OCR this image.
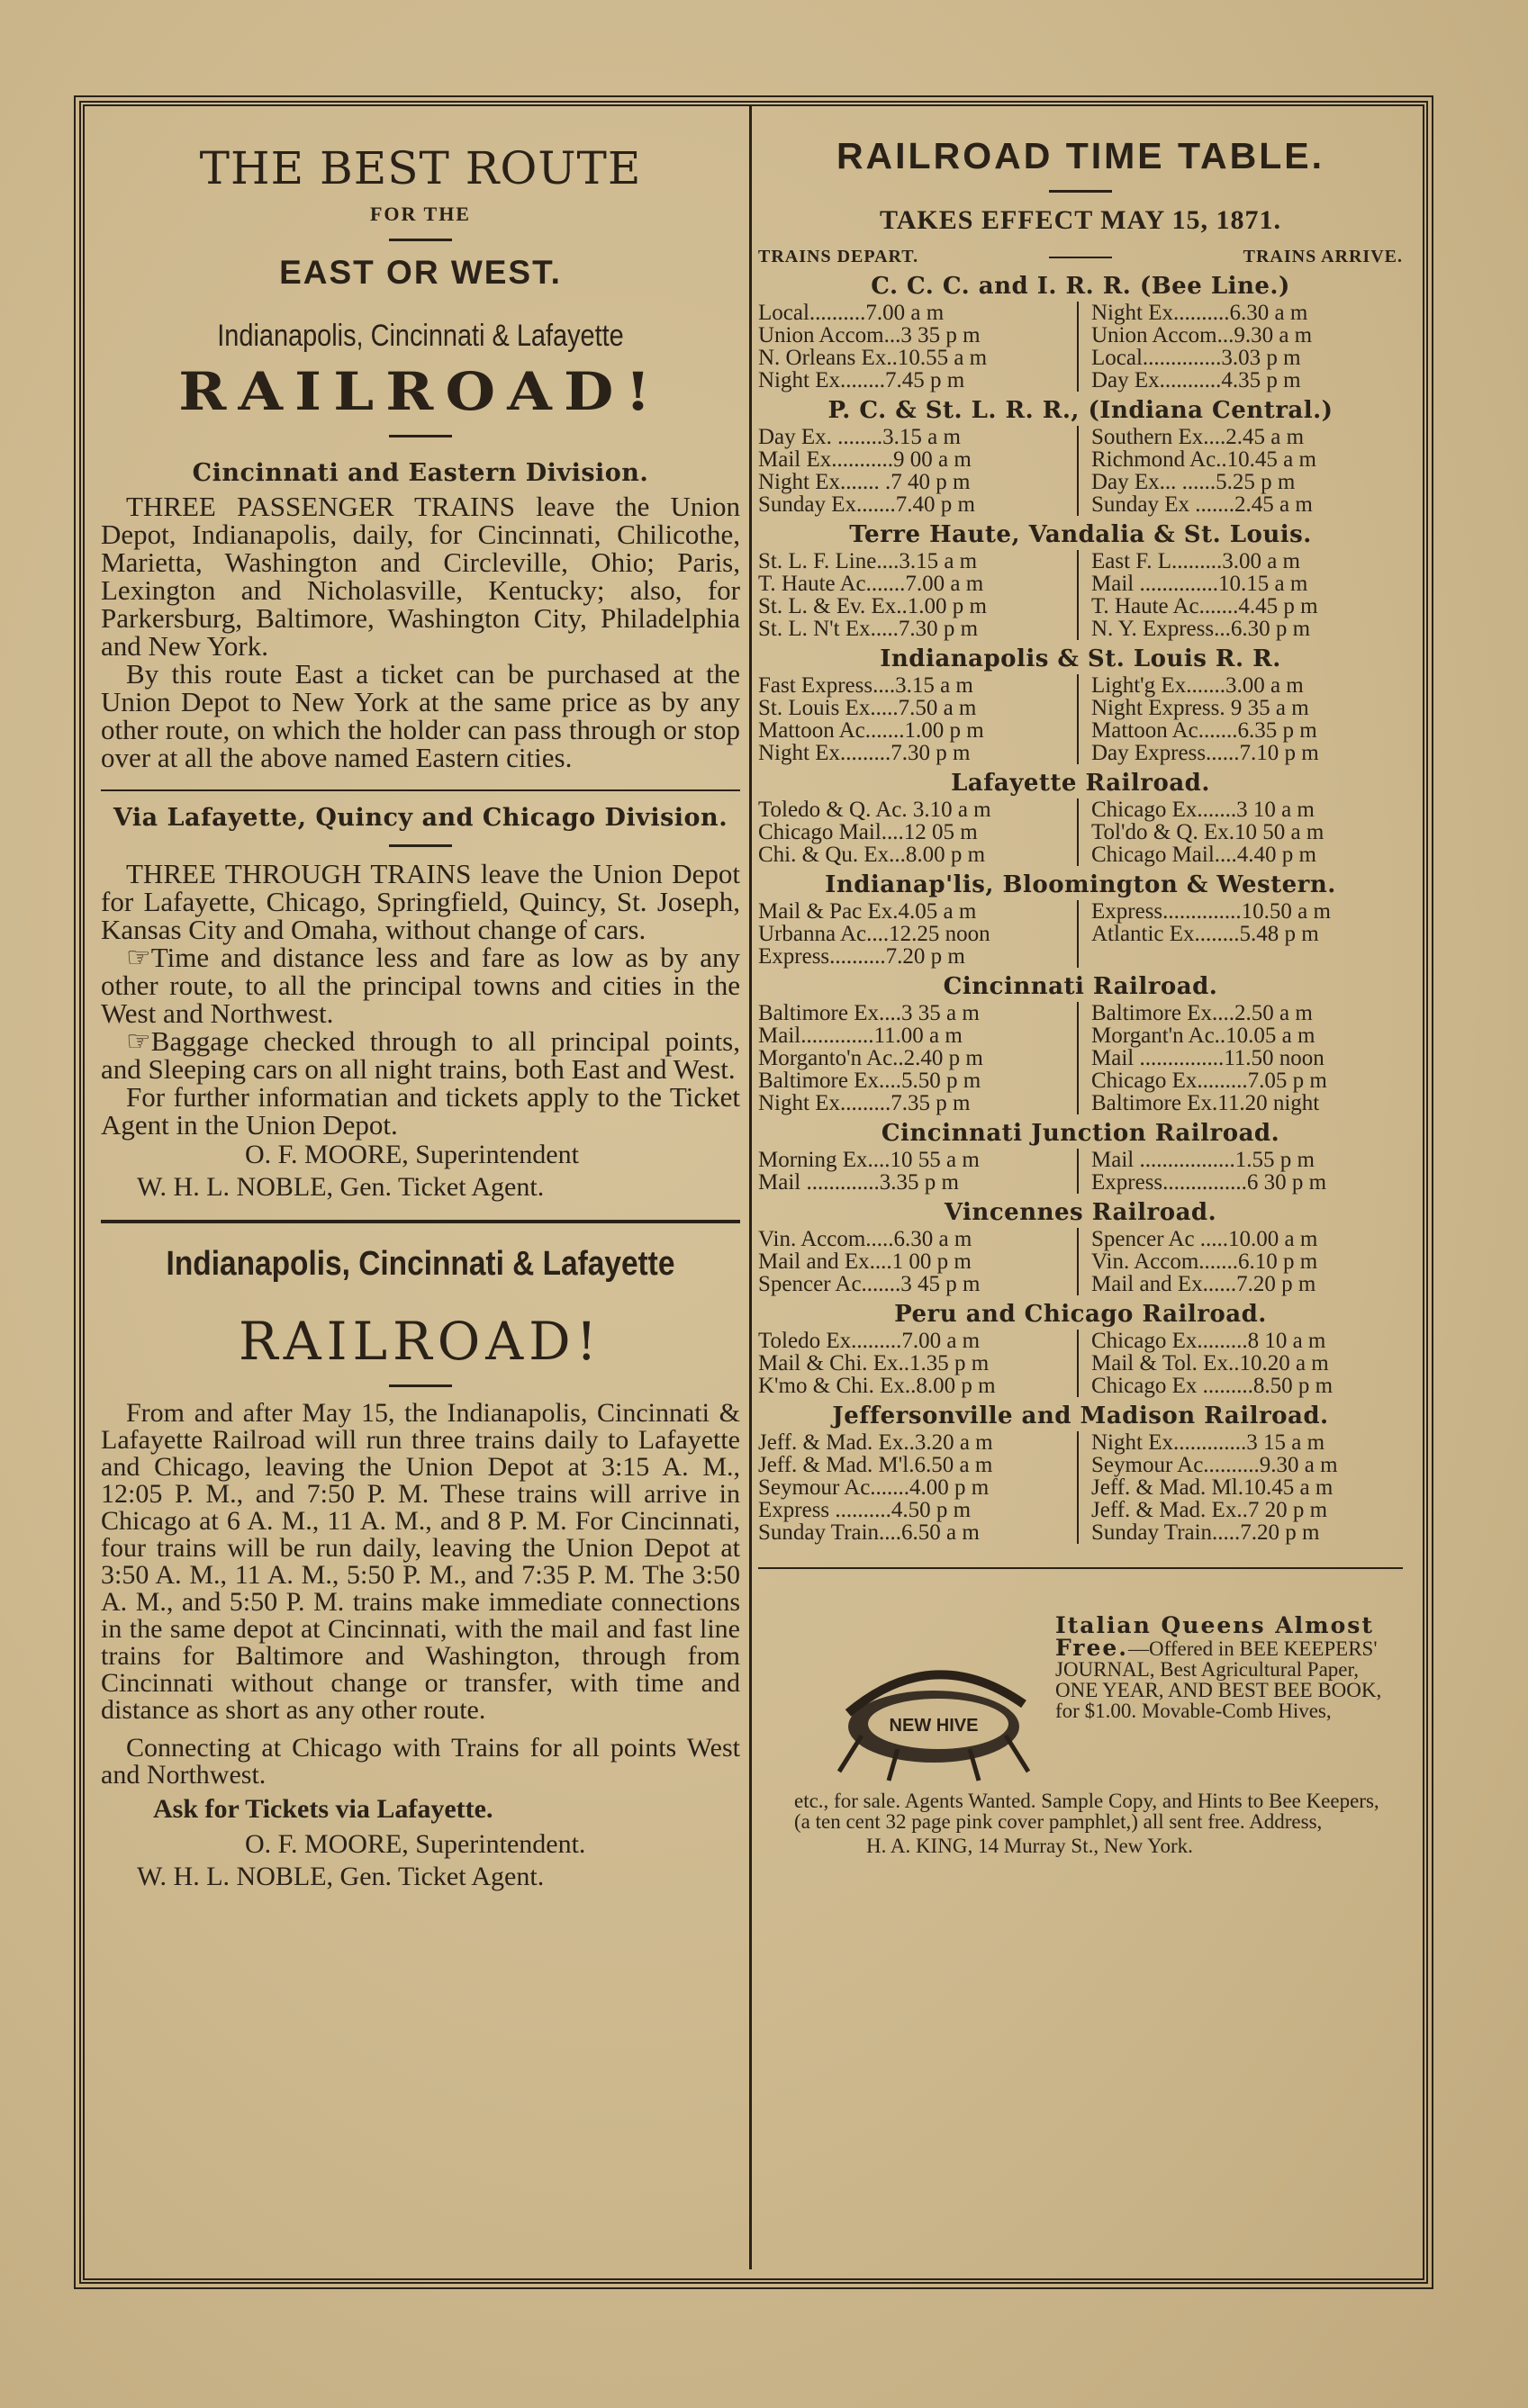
THE BEST ROUTE
FOR THE
EAST OR WEST.
Indianapolis, Cincinnati & Lafayette
RAILROAD!
Cincinnati and Eastern Division.

THREE PASSENGER TRAINS leave the Union Depot, Indianapolis, daily, for Cincinnati, Chilicothe, Marietta, Washington and Circleville, Ohio; Paris, Lexington and Nicholasville, Kentucky; also, for Parkersburg, Baltimore, Washington City, Philadelphia and New York.

By this route East a ticket can be purchased at the Union Depot to New York at the same price as by any other route, on which the holder can pass through or stop over at all the above named Eastern cities.

Via Lafayette, Quincy and Chicago Division.

THREE THROUGH TRAINS leave the Union Depot for Lafayette, Chicago, Springfield, Quincy, St. Joseph, Kansas City and Omaha, without change of cars.

☞Time and distance less and fare as low as by any other route, to all the principal towns and cities in the West and Northwest.

☞Baggage checked through to all principal points, and Sleeping cars on all night trains, both East and West.

For further informatian and tickets apply to the Ticket Agent in the Union Depot.

O. F. MOORE, Superintendent
W. H. L. NOBLE, Gen. Ticket Agent.
Indianapolis, Cincinnati & Lafayette
RAILROAD!

From and after May 15, the Indianapolis, Cincinnati & Lafayette Railroad will run three trains daily to Lafayette and Chicago, leaving the Union Depot at 3:15 A. M., 12:05 P. M., and 7:50 P. M. These trains will arrive in Chicago at 6 A. M., 11 A. M., and 8 P. M. For Cincinnati, four trains will be run daily, leaving the Union Depot at 3:50 A. M., 11 A. M., 5:50 P. M., and 7:35 P. M. The 3:50 A. M., and 5:50 P. M. trains make immediate connections in the same depot at Cincinnati, with the mail and fast line trains for Baltimore and Washington, through from Cincinnati without change or transfer, with time and distance as short as any other route.

Connecting at Chicago with Trains for all points West and Northwest.

Ask for Tickets via Lafayette.

O. F. MOORE, Superintendent.
W. H. L. NOBLE, Gen. Ticket Agent.
RAILROAD TIME TABLE.
TAKES EFFECT MAY 15, 1871.
TRAINS DEPART.	TRAINS ARRIVE.
C. C. C. and I. R. R. (Bee Line.)
Local..........7.00 a m
Union Accom...3 35 p m
N. Orleans Ex..10.55 a m
Night Ex........7.45 p m
Night Ex..........6.30 a m
Union Accom...9.30 a m
Local..............3.03 p m
Day Ex...........4.35 p m
P. C. & St. L. R. R., (Indiana Central.)
Day Ex. ........3.15 a m
Mail Ex...........9 00 a m
Night Ex....... .7 40 p m
Sunday Ex.......7.40 p m
Southern Ex....2.45 a m
Richmond Ac..10.45 a m
Day Ex... ......5.25 p m
Sunday Ex .......2.45 a m
Terre Haute, Vandalia & St. Louis.
St. L. F. Line....3.15 a m
T. Haute Ac.......7.00 a m
St. L. & Ev. Ex..1.00 p m
St. L. N't Ex.....7.30 p m
East F. L.........3.00 a m
Mail ..............10.15 a m
T. Haute Ac.......4.45 p m
N. Y. Express...6.30 p m
Indianapolis & St. Louis R. R.
Fast Express....3.15 a m
St. Louis Ex.....7.50 a m
Mattoon Ac.......1.00 p m
Night Ex.........7.30 p m
Light'g Ex.......3.00 a m
Night Express. 9 35 a m
Mattoon Ac.......6.35 p m
Day Express......7.10 p m
Lafayette Railroad.
Toledo & Q. Ac. 3.10 a m
Chicago Mail....12 05 m
Chi. & Qu. Ex...8.00 p m
Chicago Ex.......3 10 a m
Tol'do & Q. Ex.10 50 a m
Chicago Mail....4.40 p m
Indianap'lis, Bloomington & Western.
Mail & Pac Ex.4.05 a m
Urbanna Ac....12.25 noon
Express..........7.20 p m
Express..............10.50 a m
Atlantic Ex........5.48 p m
Cincinnati Railroad.
Baltimore Ex....3 35 a m
Mail.............11.00 a m
Morganto'n Ac..2.40 p m
Baltimore Ex....5.50 p m
Night Ex.........7.35 p m
Baltimore Ex....2.50 a m
Morgant'n Ac..10.05 a m
Mail ...............11.50 noon
Chicago Ex.........7.05 p m
Baltimore Ex.11.20 night
Cincinnati Junction Railroad.
Morning Ex....10 55 a m
Mail .............3.35 p m
Mail .................1.55 p m
Express...............6 30 p m
Vincennes Railroad.
Vin. Accom.....6.30 a m
Mail and Ex....1 00 p m
Spencer Ac.......3 45 p m
Spencer Ac .....10.00 a m
Vin. Accom.......6.10 p m
Mail and Ex......7.20 p m
Peru and Chicago Railroad.
Toledo Ex.........7.00 a m
Mail & Chi. Ex..1.35 p m
K'mo & Chi. Ex..8.00 p m
Chicago Ex.........8 10 a m
Mail & Tol. Ex..10.20 a m
Chicago Ex .........8.50 p m
Jeffersonville and Madison Railroad.
Jeff. & Mad. Ex..3.20 a m
Jeff. & Mad. M'l.6.50 a m
Seymour Ac.......4.00 p m
Express ..........4.50 p m
Sunday Train....6.50 a m
Night Ex.............3 15 a m
Seymour Ac..........9.30 a m
Jeff. & Mad. Ml.10.45 a m
Jeff. & Mad. Ex..7 20 p m
Sunday Train.....7.20 p m
NEW HIVE
Italian Queens Almost Free.—Offered in BEE KEEPERS' JOURNAL, Best Agricultural Paper, ONE YEAR, AND BEST BEE BOOK, for $1.00. Movable-Comb Hives,
etc., for sale. Agents Wanted. Sample Copy, and Hints to Bee Keepers, (a ten cent 32 page pink cover pamphlet,) all sent free. Address,
H. A. KING, 14 Murray St., New York.
